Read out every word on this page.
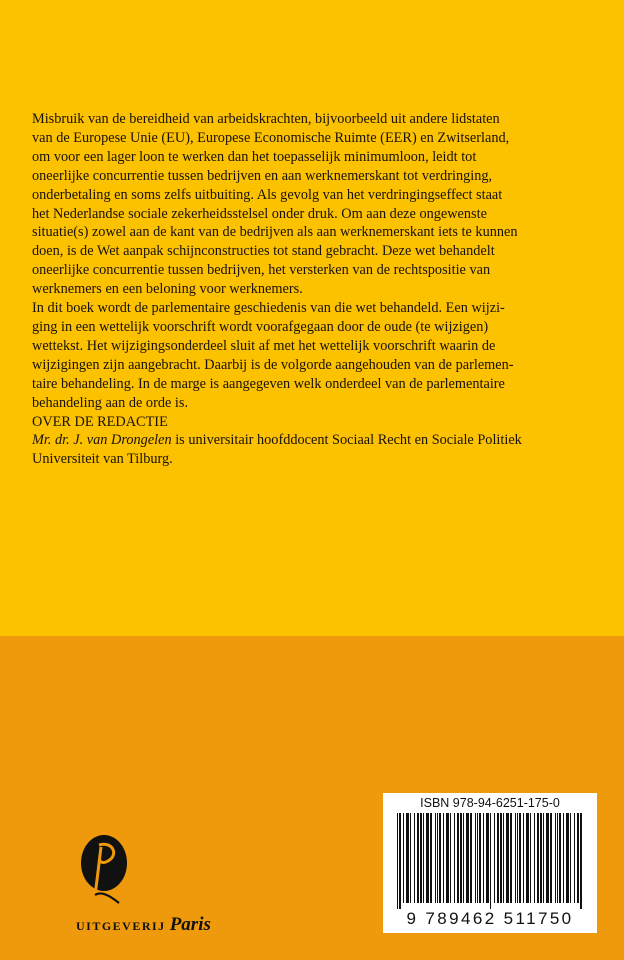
Misbruik van de bereidheid van arbeidskrachten, bijvoorbeeld uit andere lidstaten
van de Europese Unie (EU), Europese Economische Ruimte (EER) en Zwitserland,
om voor een lager loon te werken dan het toepasselijk minimumloon, leidt tot
oneerlijke concurrentie tussen bedrijven en aan werknemerskant tot verdringing,
onderbetaling en soms zelfs uitbuiting. Als gevolg van het verdringingseffect staat
het Nederlandse sociale zekerheidsstelsel onder druk. Om aan deze ongewenste
situatie(s) zowel aan de kant van de bedrijven als aan werknemerskant iets te kunnen
doen, is de Wet aanpak schijnconstructies tot stand gebracht. Deze wet behandelt
oneerlijke concurrentie tussen bedrijven, het versterken van de rechtspositie van
werknemers en een beloning voor werknemers.

In dit boek wordt de parlementaire geschiedenis van die wet behandeld. Een wijzi-
ging in een wettelijk voorschrift wordt voorafgegaan door de oude (te wijzigen)
wettekst. Het wijzigingsonderdeel sluit af met het wettelijk voorschrift waarin de
wijzigingen zijn aangebracht. Daarbij is de volgorde aangehouden van de parlemen-
taire behandeling. In de marge is aangegeven welk onderdeel van de parlementaire
behandeling aan de orde is.

OVER DE REDACTIE
Mr. dr. J. van Drongelen is universitair hoofddocent Sociaal Recht en Sociale Politiek
Universiteit van Tilburg.

ISBN 978-94-6251-175-0
9 789462 511750
UITGEVERIJ Paris
